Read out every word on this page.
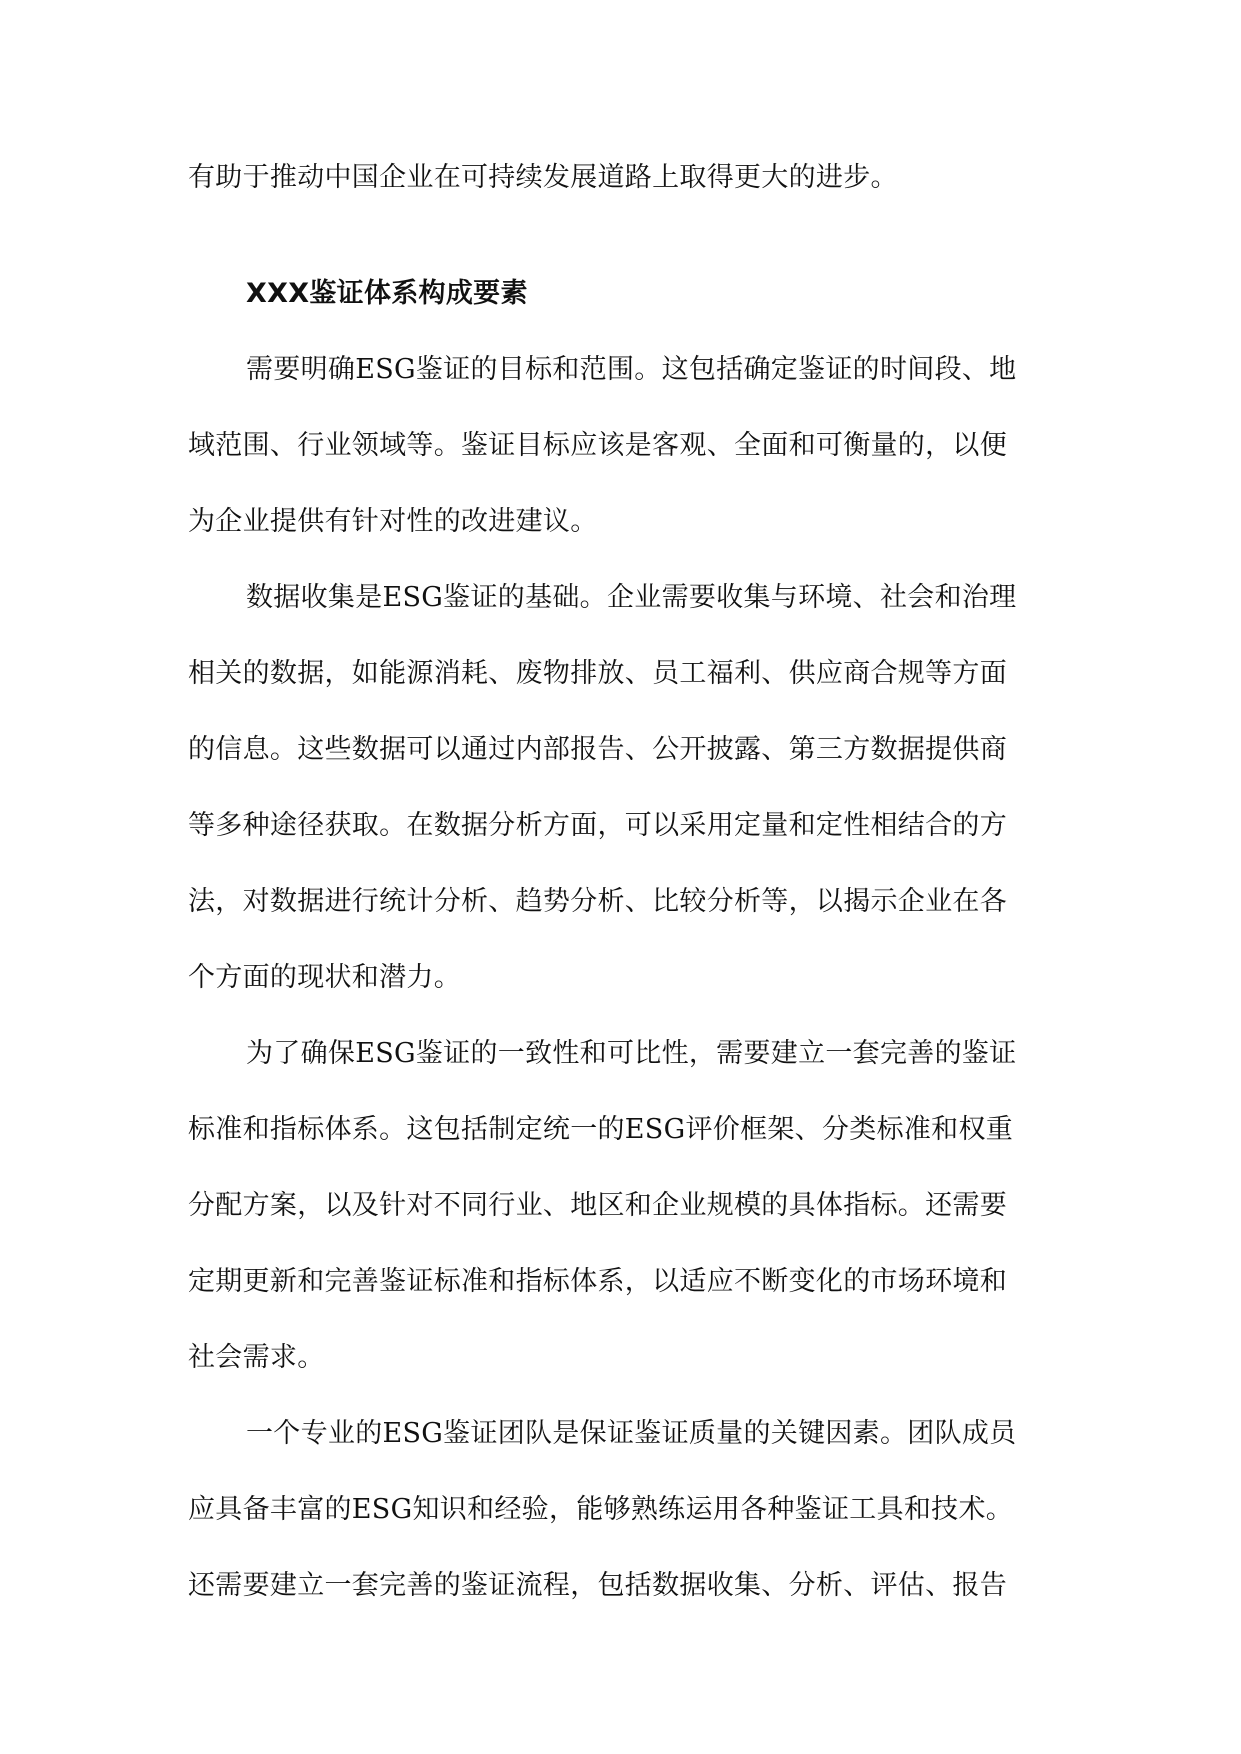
有助于推动中国企业在可持续发展道路上取得更大的进步。
XXX鉴证体系构成要素
需要明确ESG鉴证的目标和范围。这包括确定鉴证的时间段、地
域范围、行业领域等。鉴证目标应该是客观、全面和可衡量的，以便
为企业提供有针对性的改进建议。
数据收集是ESG鉴证的基础。企业需要收集与环境、社会和治理
相关的数据，如能源消耗、废物排放、员工福利、供应商合规等方面
的信息。这些数据可以通过内部报告、公开披露、第三方数据提供商
等多种途径获取。在数据分析方面，可以采用定量和定性相结合的方
法，对数据进行统计分析、趋势分析、比较分析等，以揭示企业在各
个方面的现状和潜力。
为了确保ESG鉴证的一致性和可比性，需要建立一套完善的鉴证
标准和指标体系。这包括制定统一的ESG评价框架、分类标准和权重
分配方案，以及针对不同行业、地区和企业规模的具体指标。还需要
定期更新和完善鉴证标准和指标体系，以适应不断变化的市场环境和
社会需求。
一个专业的ESG鉴证团队是保证鉴证质量的关键因素。团队成员
应具备丰富的ESG知识和经验，能够熟练运用各种鉴证工具和技术。
还需要建立一套完善的鉴证流程，包括数据收集、分析、评估、报告
